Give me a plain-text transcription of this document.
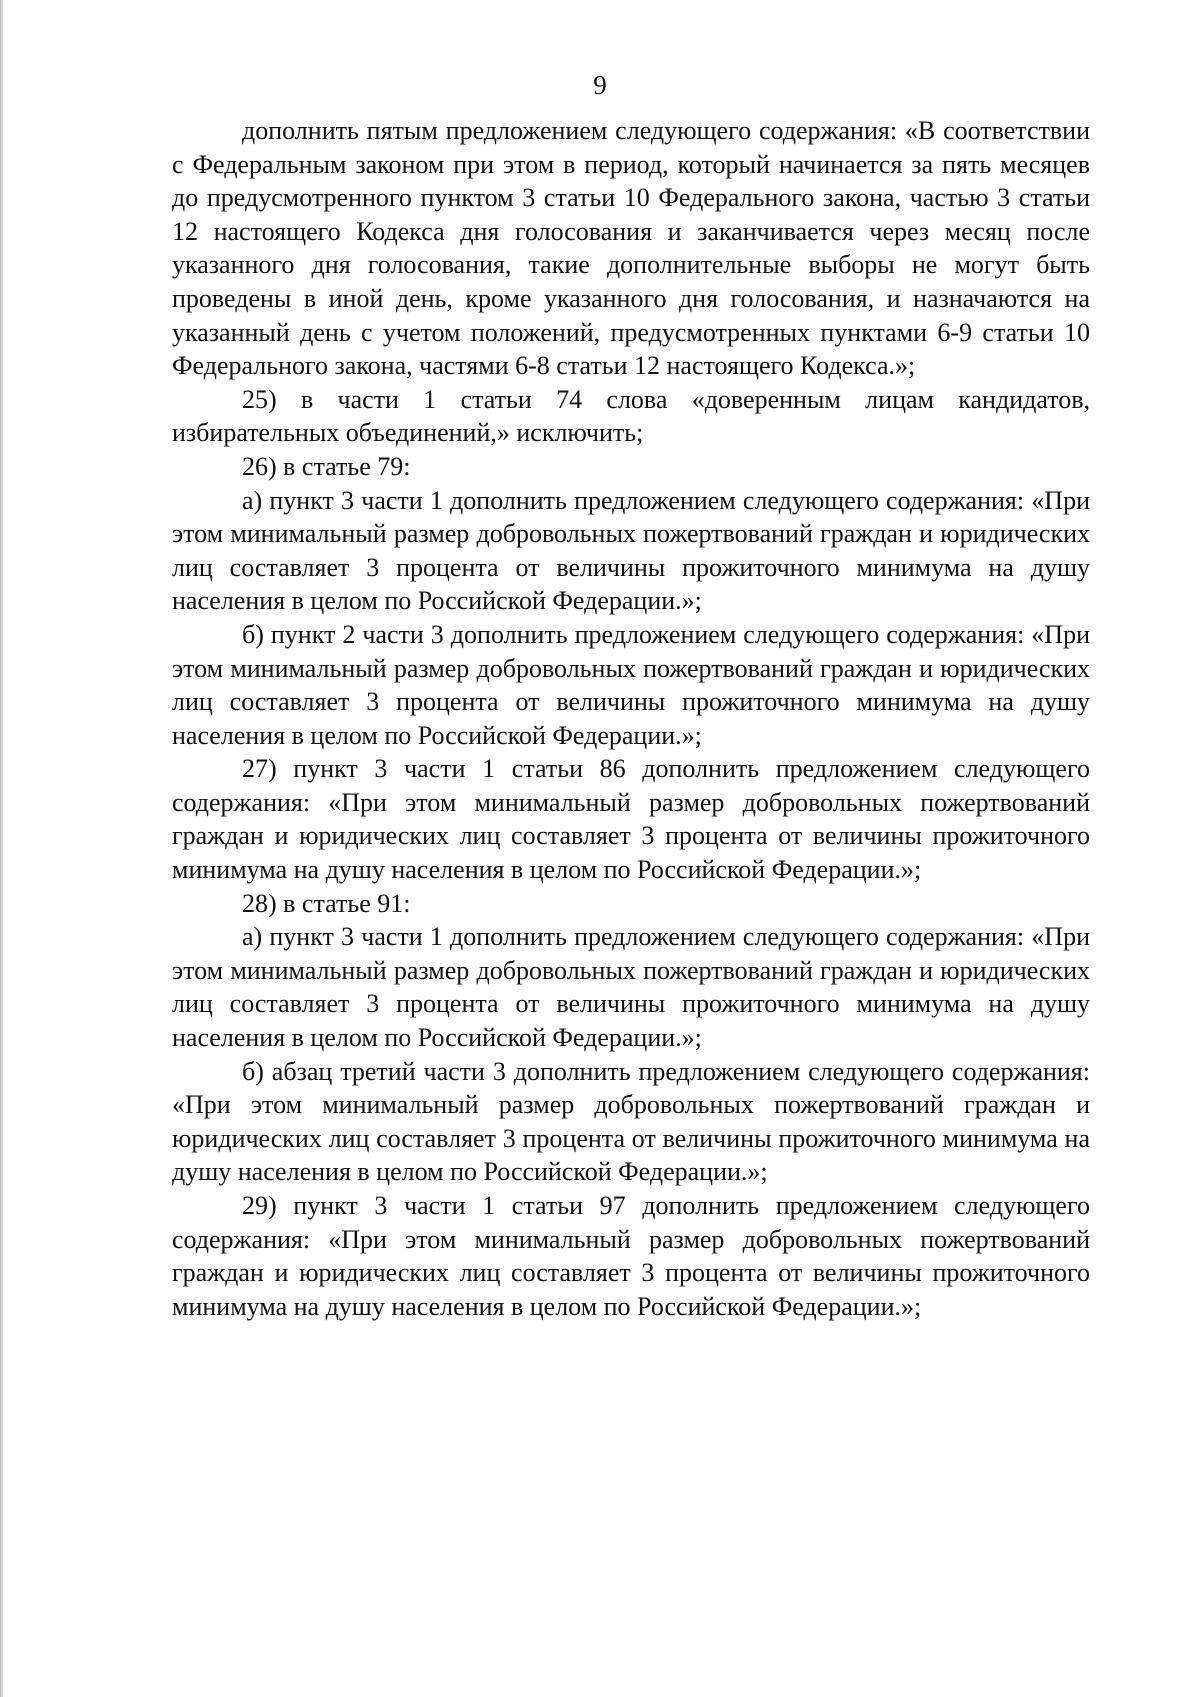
9

дополнить пятым предложением следующего содержания: «В соответствии с Федеральным законом при этом в период, который начинается за пять месяцев до предусмотренного пунктом 3 статьи 10 Федерального закона, частью 3 статьи 12 настоящего Кодекса дня голосования и заканчивается через месяц после указанного дня голосования, такие дополнительные выборы не могут быть проведены в иной день, кроме указанного дня голосования, и назначаются на указанный день с учетом положений, предусмотренных пунктами 6-9 статьи 10 Федерального закона, частями 6-8 статьи 12 настоящего Кодекса.»;

25) в части 1 статьи 74 слова «доверенным лицам кандидатов, избирательных объединений,» исключить;

26) в статье 79:

а) пункт 3 части 1 дополнить предложением следующего содержания: «При этом минимальный размер добровольных пожертвований граждан и юридических лиц составляет 3 процента от величины прожиточного минимума на душу населения в целом по Российской Федерации.»;

б) пункт 2 части 3 дополнить предложением следующего содержания: «При этом минимальный размер добровольных пожертвований граждан и юридических лиц составляет 3 процента от величины прожиточного минимума на душу населения в целом по Российской Федерации.»;

27) пункт 3 части 1 статьи 86 дополнить предложением следующего содержания: «При этом минимальный размер добровольных пожертвований граждан и юридических лиц составляет 3 процента от величины прожиточного минимума на душу населения в целом по Российской Федерации.»;

28) в статье 91:

а) пункт 3 части 1 дополнить предложением следующего содержания: «При этом минимальный размер добровольных пожертвований граждан и юридических лиц составляет 3 процента от величины прожиточного минимума на душу населения в целом по Российской Федерации.»;

б) абзац третий части 3 дополнить предложением следующего содержания: «При этом минимальный размер добровольных пожертвований граждан и юридических лиц составляет 3 процента от величины прожиточного минимума на душу населения в целом по Российской Федерации.»;

29) пункт 3 части 1 статьи 97 дополнить предложением следующего содержания: «При этом минимальный размер добровольных пожертвований граждан и юридических лиц составляет 3 процента от величины прожиточного минимума на душу населения в целом по Российской Федерации.»;
